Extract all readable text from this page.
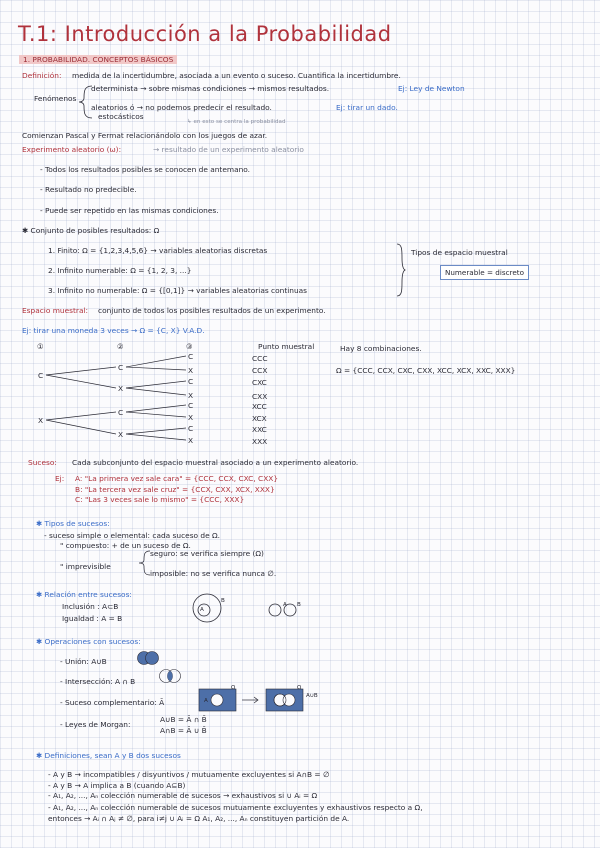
T.1: Introducción a la Probabilidad
1. PROBABILIDAD. CONCEPTOS BÁSICOS
Definición: medida de la incertidumbre, asociada a un evento o suceso. Cuantifica la incertidumbre.
Fenómenos
determinista → sobre mismas condiciones → mismos resultados.	Ej: Ley de Newton
aleatorios ó → no podemos predecir el resultado.	Ej: tirar un dado.
estocásticos
↳ en esto se centra la probabilidad
Comienzan Pascal y Fermat relacionándolo con los juegos de azar.
Experimento aleatorio (ω):	→ resultado de un experimento aleatorio
- Todos los resultados posibles se conocen de antemano.
- Resultado no predecible.
- Puede ser repetido en las mismas condiciones.
✱ Conjunto de posibles resultados: Ω
1. Finito: Ω = {1,2,3,4,5,6} → variables aleatorias discretas
2. Infinito numerable: Ω = {1, 2, 3, ...}
3. Infinito no numerable: Ω = {[0,1]} → variables aleatorias continuas
Tipos de espacio muestral
Numerable = discreto
Espacio muestral: conjunto de todos los posibles resultados de un experimento.
Ej: tirar una moneda 3 veces → Ω = {C, X} V.A.D.
①	②	③
C
X
C
X
C
X
C
X
C
X
C
X
C
X
Punto muestral
CCC
CCX
CXC
CXX
XCC
XCX
XXC
XXX
Hay 8 combinaciones.
Ω = {CCC, CCX, CXC, CXX, XCC, XCX, XXC, XXX}
Suceso: Cada subconjunto del espacio muestral asociado a un experimento aleatorio.
Ej: A: "La primera vez sale cara" = {CCC, CCX, CXC, CXX}
B: "La tercera vez sale cruz" = {CCX, CXX, XCX, XXX}
C: "Las 3 veces sale lo mismo" = {CCC, XXX}
✱ Tipos de sucesos:
- suceso simple o elemental: cada suceso de Ω.
" compuesto: + de un suceso de Ω.
" imprevisible
seguro: se verifica siempre (Ω)
imposible: no se verifica nunca ∅.
✱ Relación entre sucesos:
Inclusión : A⊂B
Igualdad : A = B
A
B
A B
✱ Operaciones con sucesos:
- Unión: A∪B
- Intersección: A ∩ B
- Suceso complementario: Ā
Ω
A
Ω
A∪B
- Leyes de Morgan:
A∪B = Ā ∩ B̄
A∩B = Ā ∪ B̄
✱ Definiciones, sean A y B dos sucesos
- A y B → incompatibles / disyuntivos / mutuamente excluyentes si A∩B = ∅
- A y B → A implica a B (cuando A⊆B)
- A₁, A₂, ..., Aₙ colección numerable de sucesos → exhaustivos si ∪ Aᵢ = Ω
- A₁, A₂, ..., Aₙ colección numerable de sucesos mutuamente excluyentes y exhaustivos respecto a Ω,
entonces → Aᵢ ∩ Aⱼ ≠ ∅, para i≠j ∪ Aᵢ = Ω A₁, A₂, ..., Aₙ constituyen partición de A.
